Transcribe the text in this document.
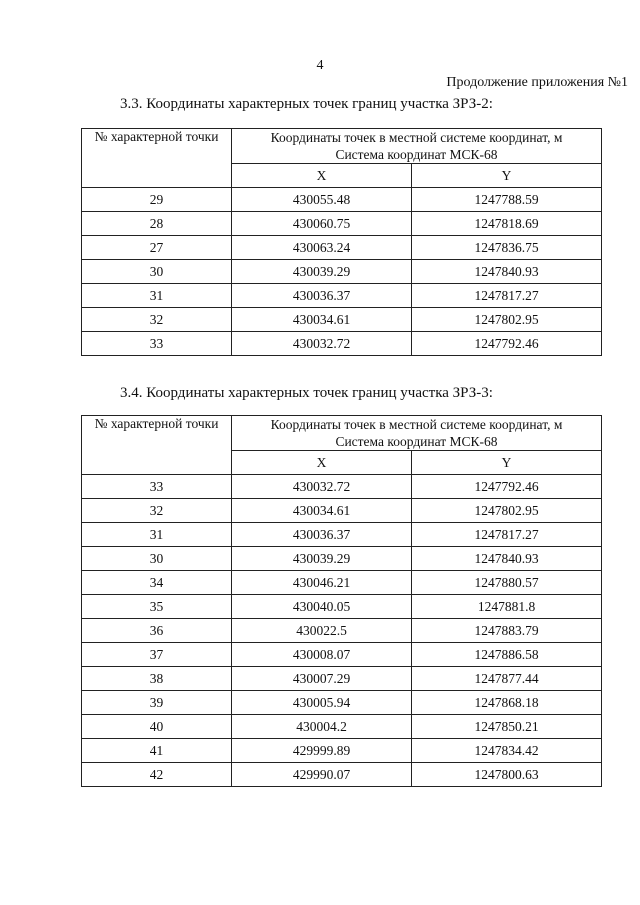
4
Продолжение приложения №1
3.3. Координаты характерных точек границ участка ЗРЗ-2:
№ характерной точки	Координаты точек в местной системе координат, м
Система координат МСК-68	

	X	Y
29	430055.48	1247788.59
28	430060.75	1247818.69
27	430063.24	1247836.75
30	430039.29	1247840.93
31	430036.37	1247817.27
32	430034.61	1247802.95
33	430032.72	1247792.46
3.4. Координаты характерных точек границ участка ЗРЗ-3:
№ характерной точки	Координаты точек в местной системе координат, м
Система координат МСК-68	

	X	Y
33	430032.72	1247792.46
32	430034.61	1247802.95
31	430036.37	1247817.27
30	430039.29	1247840.93
34	430046.21	1247880.57
35	430040.05	1247881.8
36	430022.5	1247883.79
37	430008.07	1247886.58
38	430007.29	1247877.44
39	430005.94	1247868.18
40	430004.2	1247850.21
41	429999.89	1247834.42
42	429990.07	1247800.63
